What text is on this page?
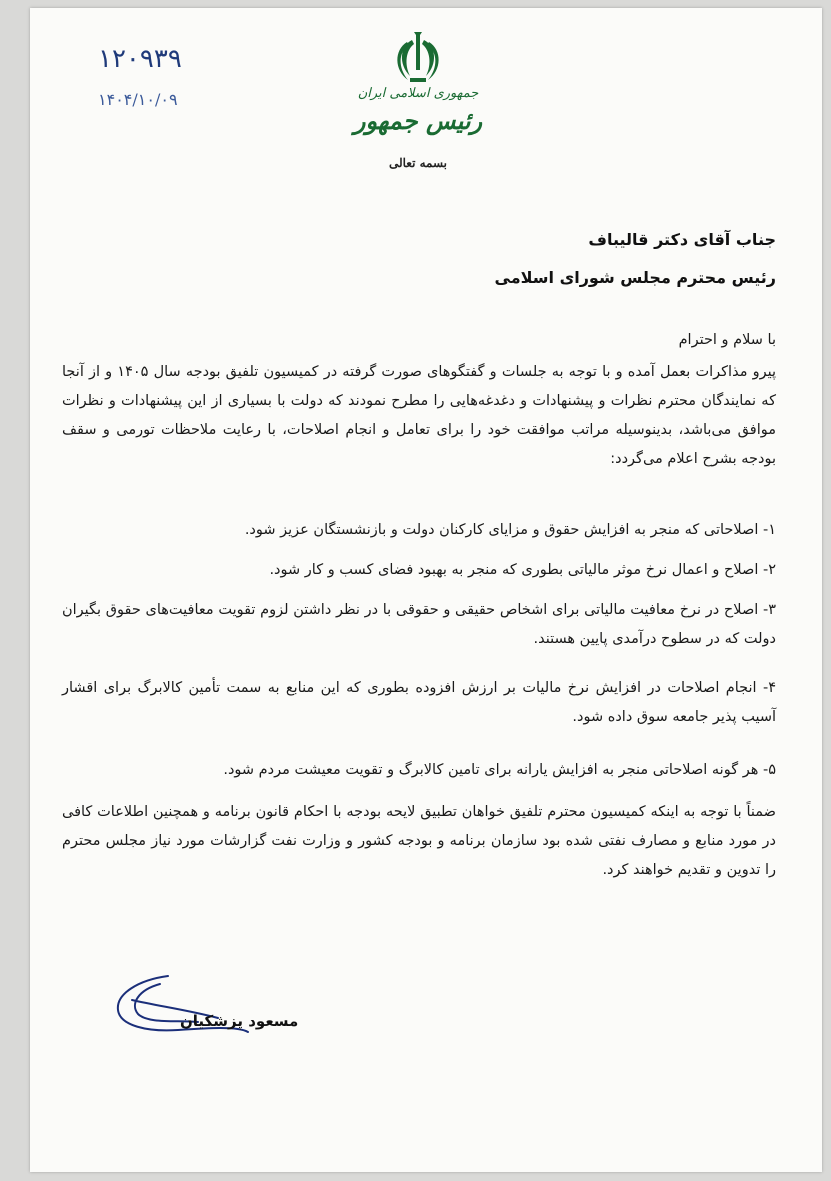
۱۲۰۹۳۹
۱۴۰۴/۱۰/۰۹	جمهوری اسلامی ایران
رئیس جمهور
بسمه تعالی
جناب آقای دکتر قالیباف
رئیس محترم مجلس شورای اسلامی
با سلام و احترام
پیرو مذاکرات بعمل آمده و با توجه به جلسات و گفتگوهای صورت گرفته در کمیسیون تلفیق بودجه سال ۱۴۰۵ و از آنجا که نمایندگان محترم نظرات و پیشنهادات و دغدغه‌هایی را مطرح نمودند که دولت با بسیاری از این پیشنهادات و نظرات موافق می‌باشد، بدینوسیله مراتب موافقت خود را برای تعامل و انجام اصلاحات، با رعایت ملاحظات تورمی و سقف بودجه بشرح اعلام می‌گردد:
۱- اصلاحاتی که منجر به افزایش حقوق و مزایای کارکنان دولت و بازنشستگان عزیز شود.
۲- اصلاح و اعمال نرخ موثر مالیاتی بطوری که منجر به بهبود فضای کسب و کار شود.
۳- اصلاح در نرخ معافیت مالیاتی برای اشخاص حقیقی و حقوقی با در نظر داشتن لزوم تقویت معافیت‌های حقوق بگیران دولت که در سطوح درآمدی پایین هستند.
۴- انجام اصلاحات در افزایش نرخ مالیات بر ارزش افزوده بطوری که این منابع به سمت تأمین کالابرگ برای اقشار آسیب پذیر جامعه سوق داده شود.
۵- هر گونه اصلاحاتی منجر به افزایش یارانه برای تامین کالابرگ و تقویت معیشت مردم شود.
ضمناً با توجه به اینکه کمیسیون محترم تلفیق خواهان تطبیق لایحه بودجه با احکام قانون برنامه و همچنین اطلاعات کافی در مورد منابع و مصارف نفتی شده بود سازمان برنامه و بودجه کشور و وزارت نفت گزارشات مورد نیاز مجلس محترم را تدوین و تقدیم خواهند کرد.
مسعود پزشکیان
